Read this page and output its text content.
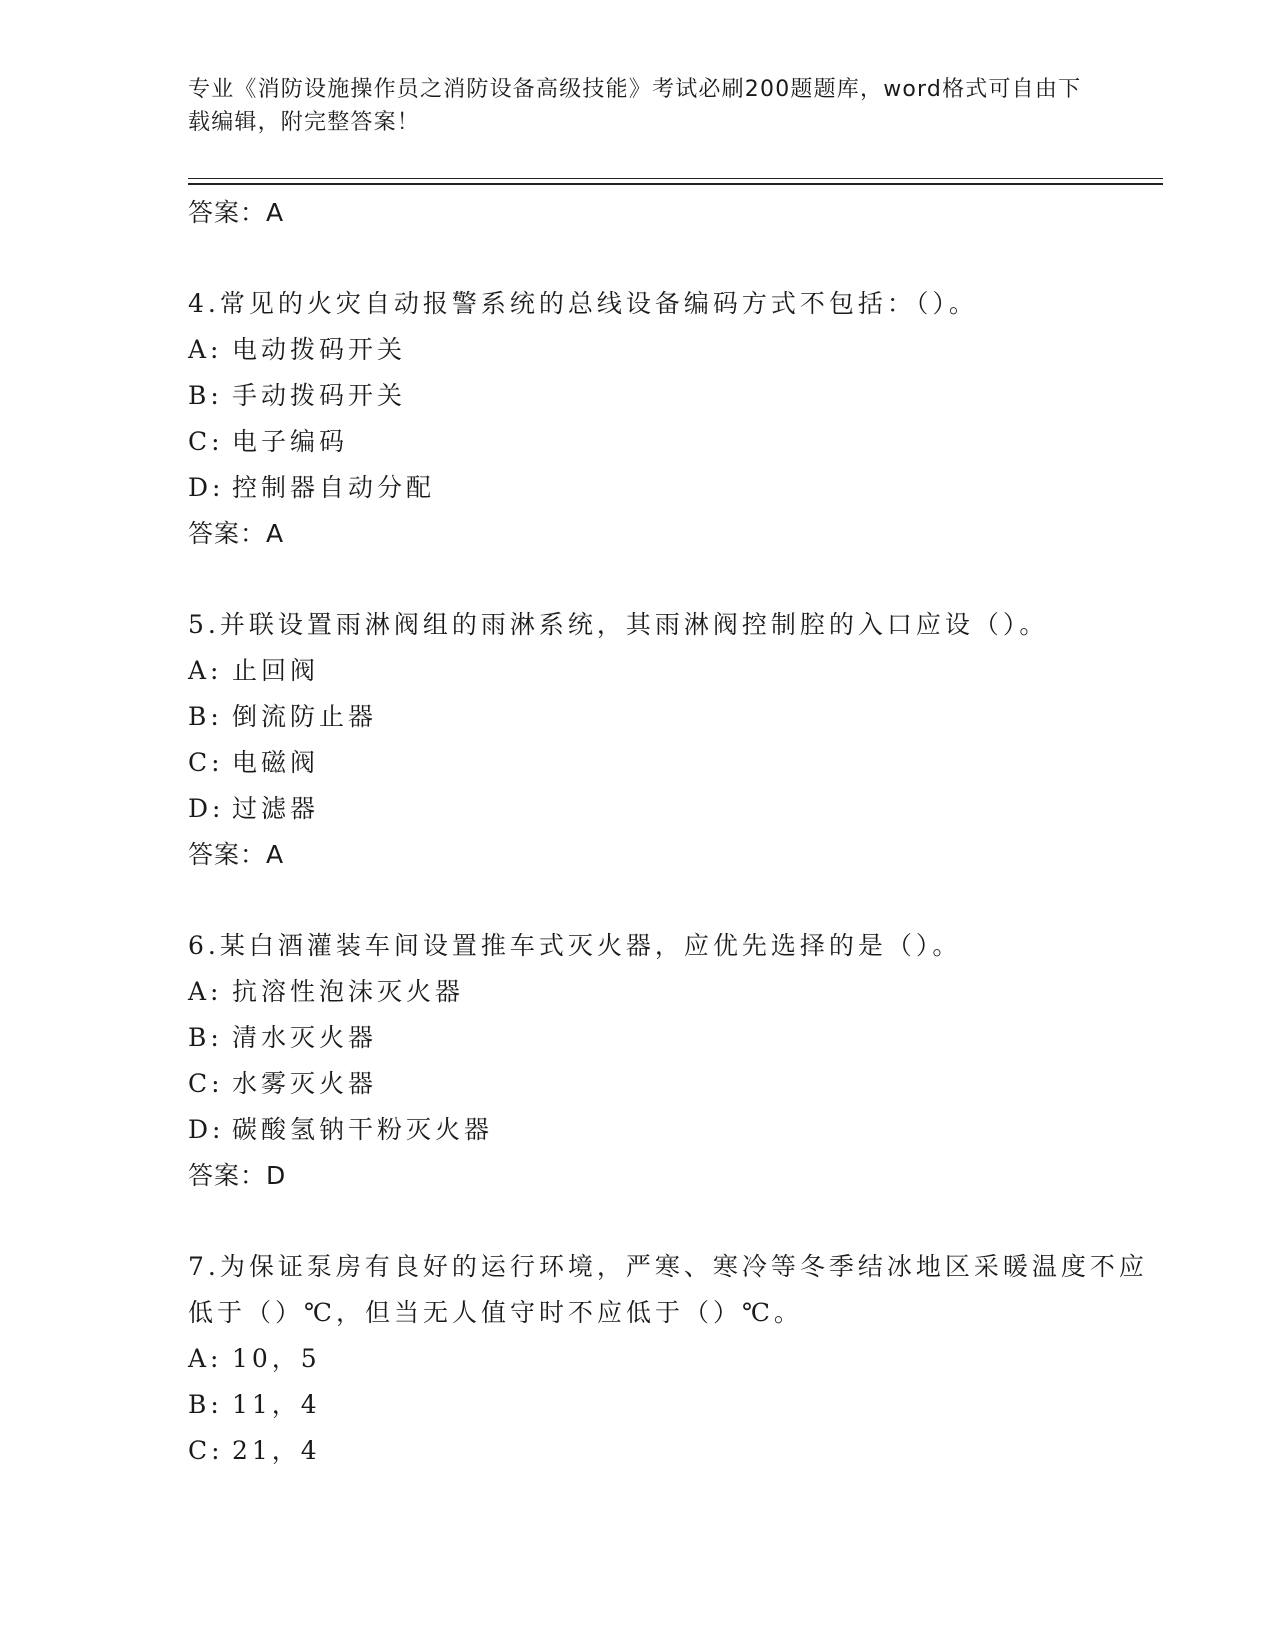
专业《消防设施操作员之消防设备高级技能》考试必刷200题题库，word格式可自由下载编辑，附完整答案！
答案：A
4.常见的火灾自动报警系统的总线设备编码方式不包括：（）。
A: 电动拨码开关
B: 手动拨码开关
C: 电子编码
D: 控制器自动分配
答案：A
5.并联设置雨淋阀组的雨淋系统，其雨淋阀控制腔的入口应设（）。
A: 止回阀
B: 倒流防止器
C: 电磁阀
D: 过滤器
答案：A
6.某白酒灌装车间设置推车式灭火器，应优先选择的是（）。
A: 抗溶性泡沫灭火器
B: 清水灭火器
C: 水雾灭火器
D: 碳酸氢钠干粉灭火器
答案：D
7.为保证泵房有良好的运行环境，严寒、寒冷等冬季结冰地区采暖温度不应低于（）℃，但当无人值守时不应低于（）℃。
A: 10，5
B: 11，4
C: 21，4
